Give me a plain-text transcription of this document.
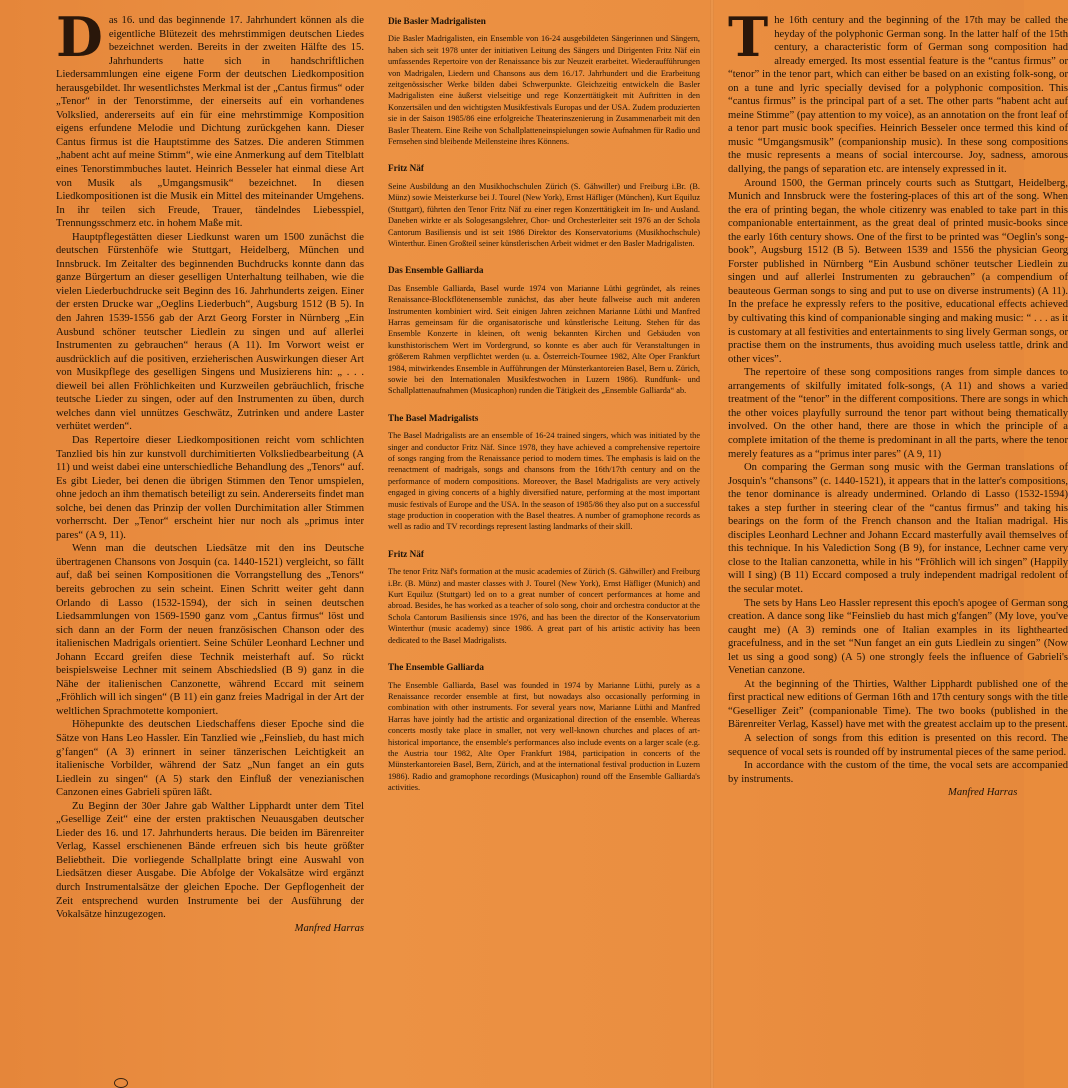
Das 16. und das beginnende 17. Jahrhundert können als die eigentliche Blütezeit des mehrstimmigen deutschen Liedes bezeichnet werden. Bereits in der zweiten Hälfte des 15. Jahrhunderts hatte sich in handschriftlichen Liedersammlungen eine eigene Form der deutschen Liedkomposition herausgebildet. Ihr wesentlichstes Merkmal ist der „Cantus firmus“ oder „Tenor“ in der Tenorstimme, der einerseits auf ein vorhandenes Volkslied, andererseits auf ein für eine mehrstimmige Komposition eigens erfundene Melodie und Dichtung zurückgehen kann. Dieser Cantus firmus ist die Hauptstimme des Satzes. Die anderen Stimmen „habent acht auf meine Stimm“, wie eine Anmerkung auf dem Titelblatt eines Tenorstimmbuches lautet. Heinrich Besseler hat einmal diese Art von Musik als „Umgangsmusik“ bezeichnet. In diesen Liedkompositionen ist die Musik ein Mittel des miteinander Umgehens. In ihr teilen sich Freude, Trauer, tändelndes Liebesspiel, Trennungsschmerz etc. in hohem Maße mit.

Hauptpflegestätten dieser Liedkunst waren um 1500 zunächst die deutschen Fürstenhöfe wie Stuttgart, Heidelberg, München und Innsbruck. Im Zeitalter des beginnenden Buchdrucks konnte dann das ganze Bürgertum an dieser geselligen Unterhaltung teilhaben, wie die vielen Liederbuchdrucke seit Beginn des 16. Jahrhunderts zeigen. Einer der ersten Drucke war „Oeglins Liederbuch“, Augsburg 1512 (B 5). In den Jahren 1539-1556 gab der Arzt Georg Forster in Nürnberg „Ein Ausbund schöner teutscher Liedlein zu singen und auf allerlei Instrumenten zu gebrauchen“ heraus (A 11). Im Vorwort weist er ausdrücklich auf die positiven, erzieherischen Auswirkungen dieser Art von Musikpflege des geselligen Singens und Musizierens hin: „ . . . dieweil bei allen Fröhlichkeiten und Kurzweilen gebräuchlich, frische teutsche Lieder zu singen, oder auf den Instrumenten zu üben, durch welches dann viel unnützes Geschwätz, Zutrinken und andere Laster verhütet werden“.

Das Repertoire dieser Liedkompositionen reicht vom schlichten Tanzlied bis hin zur kunstvoll durchimitierten Volksliedbearbeitung (A 11) und weist dabei eine unterschiedliche Behandlung des „Tenors“ auf. Es gibt Lieder, bei denen die übrigen Stimmen den Tenor umspielen, ohne jedoch an ihm thematisch beteiligt zu sein. Andererseits findet man solche, bei denen das Prinzip der vollen Durchimitation aller Stimmen vorherrscht. Der „Tenor“ erscheint hier nur noch als „primus inter pares“ (A 9, 11).

Wenn man die deutschen Liedsätze mit den ins Deutsche übertragenen Chansons von Josquin (ca. 1440-1521) vergleicht, so fällt auf, daß bei seinen Kompositionen die Vorrangstellung des „Tenors“ bereits gebrochen zu sein scheint. Einen Schritt weiter geht dann Orlando di Lasso (1532-1594), der sich in seinen deutschen Liedsammlungen von 1569-1590 ganz vom „Cantus firmus“ löst und sich dann an der Form der neuen französischen Chanson oder des italienischen Madrigals orientiert. Seine Schüler Leonhard Lechner und Johann Eccard greifen diese Technik meisterhaft auf. So rückt beispielsweise Lechner mit seinem Abschiedslied (B 9) ganz in die Nähe der italienischen Canzonette, während Eccard mit seinem „Fröhlich will ich singen“ (B 11) ein ganz freies Madrigal in der Art der weltlichen Sprachmotette komponiert.

Höhepunkte des deutschen Liedschaffens dieser Epoche sind die Sätze von Hans Leo Hassler. Ein Tanzlied wie „Feinslieb, du hast mich g’fangen“ (A 3) erinnert in seiner tänzerischen Leichtigkeit an italienische Vorbilder, während der Satz „Nun fanget an ein guts Liedlein zu singen“ (A 5) stark den Einfluß der venezianischen Canzonen eines Gabrieli spüren läßt.

Zu Beginn der 30er Jahre gab Walther Lipphardt unter dem Titel „Gesellige Zeit“ eine der ersten praktischen Neuausgaben deutscher Lieder des 16. und 17. Jahrhunderts heraus. Die beiden im Bärenreiter Verlag, Kassel erschienenen Bände erfreuen sich bis heute größter Beliebtheit. Die vorliegende Schallplatte bringt eine Auswahl von Liedsätzen dieser Ausgabe. Die Abfolge der Vokalsätze wird ergänzt durch Instrumentalsätze der gleichen Epoche. Der Gepflogenheit der Zeit entsprechend wurden Instrumente bei der Ausführung der Vokalsätze hinzugezogen.

Manfred Harras
Die Basler Madrigalisten

Die Basler Madrigalisten, ein Ensemble von 16-24 ausgebildeten Sängerinnen und Sängern, haben sich seit 1978 unter der initiativen Leitung des Sängers und Dirigenten Fritz Näf ein umfassendes Repertoire von der Renaissance bis zur Neuzeit erarbeitet. Wiederaufführungen von Madrigalen, Liedern und Chansons aus dem 16./17. Jahrhundert und die Erarbeitung zeitgenössischer Werke bilden dabei Schwerpunkte. Gleichzeitig entwickeln die Basler Madrigalisten eine äußerst vielseitige und rege Konzerttätigkeit mit Auftritten in den Konzertsälen und den wichtigsten Musikfestivals Europas und der USA. Zudem produzierten sie in der Saison 1985/86 eine erfolgreiche Theaterinszenierung in Zusammenarbeit mit den Basler Theatern. Eine Reihe von Schallplatteneinspielungen sowie Aufnahmen für Radio und Fernsehen sind bleibende Meilensteine ihres Könnens.

Fritz Näf

Seine Ausbildung an den Musikhochschulen Zürich (S. Gähwiller) und Freiburg i.Br. (B. Münz) sowie Meisterkurse bei J. Tourel (New York), Ernst Häfliger (München), Kurt Equiluz (Stuttgart), führten den Tenor Fritz Näf zu einer regen Konzerttätigkeit im In- und Ausland. Daneben wirkte er als Sologesangslehrer, Chor- und Orchesterleiter seit 1976 an der Schola Cantorum Basiliensis und ist seit 1986 Direktor des Konservatoriums (Musikhochschule) Winterthur. Einen Großteil seiner künstlerischen Arbeit widmet er den Basler Madrigalisten.

Das Ensemble Galliarda

Das Ensemble Galliarda, Basel wurde 1974 von Marianne Lüthi gegründet, als reines Renaissance-Blockflötenensemble zunächst, das aber heute fallweise auch mit anderen Instrumenten kombiniert wird. Seit einigen Jahren zeichnen Marianne Lüthi und Manfred Harras gemeinsam für die organisatorische und künstlerische Leitung. Stehen für das Ensemble Konzerte in kleinen, oft wenig bekannten Kirchen und Gebäuden von kunsthistorischem Wert im Vordergrund, so konnte es aber auch für Veranstaltungen in größerem Rahmen verpflichtet werden (u. a. Österreich-Tournee 1982, Alte Oper Frankfurt 1984, mitwirkendes Ensemble in Aufführungen der Münsterkantoreien Basel, Bern u. Zürich, sowie bei den Internationalen Musikfestwochen in Luzern 1986). Rundfunk- und Schallplattenaufnahmen (Musicaphon) runden die Tätigkeit des „Ensemble Galliarda“ ab.

The Basel Madrigalists

The Basel Madrigalists are an ensemble of 16-24 trained singers, which was initiated by the singer and conductor Fritz Näf. Since 1978, they have achieved a comprehensive repertoire of songs ranging from the Renaissance period to modern times. The emphasis is laid on the reenactment of madrigals, songs and chansons from the 16th/17th century and on the performance of modern compositions. Moreover, the Basel Madrigalists are very actively engaged in giving concerts of a highly diversified nature, performing at the most important music festivals of Europe and the USA. In the season of 1985/86 they also put on a successful stage production in cooperation with the Basel theatres. A number of gramophone records as well as radio and TV recordings represent lasting landmarks of their skill.

Fritz Näf

The tenor Fritz Näf's formation at the music academies of Zürich (S. Gähwiller) and Freiburg i.Br. (B. Münz) and master classes with J. Tourel (New York), Ernst Häfliger (Munich) and Kurt Equiluz (Stuttgart) led on to a great number of concert performances at home and abroad. Besides, he has worked as a teacher of solo song, choir and orchestra conductor at the Schola Cantorum Basiliensis since 1976, and has been the director of the Konservatorium Winterthur (music academy) since 1986. A great part of his artistic activity has been dedicated to the Basel Madrigalists.

The Ensemble Galliarda

The Ensemble Galliarda, Basel was founded in 1974 by Marianne Lüthi, purely as a Renaissance recorder ensemble at first, but nowadays also occasionally performing in combination with other instruments. For several years now, Marianne Lüthi and Manfred Harras have jointly had the artistic and organizational direction of the ensemble. Whereas concerts mostly take place in smaller, not very well-known churches and places of art-historical importance, the ensemble's performances also include events on a larger scale (e.g. the Austria tour 1982, Alte Oper Frankfurt 1984, participation in concerts of the Münsterkantoreien Basel, Bern, Zürich, and at the international festival production in Luzern 1986). Radio and gramophone recordings (Musicaphon) round off the Ensemble Galliarda's activities.

The 16th century and the beginning of the 17th may be called the heyday of the polyphonic German song. In the latter half of the 15th century, a characteristic form of German song composition had already emerged. Its most essential feature is the “cantus firmus” or “tenor” in the tenor part, which can either be based on an existing folk-song, or on a tune and lyric specially devised for a polyphonic composition. This “cantus firmus” is the principal part of a set. The other parts “habent acht auf meine Stimme” (pay attention to my voice), as an annotation on the front leaf of a tenor part music book specifies. Heinrich Besseler once termed this kind of music “Umgangsmusik” (companionship music). In these song compositions the music represents a means of social intercourse. Joy, sadness, amorous dallying, the pangs of separation etc. are intensely expressed in it.

Around 1500, the German princely courts such as Stuttgart, Heidelberg, Munich and Innsbruck were the fostering-places of this art of the song. When the era of printing began, the whole citizenry was enabled to take part in this companionable entertainment, as the great deal of printed music-books since the early 16th century shows. One of the first to be printed was “Oeglin's song-book”, Augsburg 1512 (B 5). Between 1539 and 1556 the physician Georg Forster published in Nürnberg “Ein Ausbund schöner teutscher Liedlein zu singen und auf allerlei Instrumenten zu gebrauchen” (a compendium of beauteous German songs to sing and put to use on diverse instruments) (A 11). In the preface he expressly refers to the positive, educational effects achieved by cultivating this kind of companionable singing and making music: “ . . . as it is customary at all festivities and entertainments to sing lively German songs, or practise them on the instruments, thus avoiding much useless tattle, drink and other vices”.

The repertoire of these song compositions ranges from simple dances to arrangements of skilfully imitated folk-songs, (A 11) and shows a varied treatment of the “tenor” in the different compositions. There are songs in which the other voices playfully surround the tenor part without being thematically involved. On the other hand, there are those in which the principle of a complete imitation of the theme is predominant in all the parts, where the tenor merely features as a “primus inter pares” (A 9, 11)

On comparing the German song music with the German translations of Josquin's “chansons” (c. 1440-1521), it appears that in the latter's compositions, the tenor dominance is already undermined. Orlando di Lasso (1532-1594) takes a step further in steering clear of the “cantus firmus” and taking his bearings on the form of the French chanson and the Italian madrigal. His disciples Leonhard Lechner and Johann Eccard masterfully avail themselves of this technique. In his Valediction Song (B 9), for instance, Lechner came very close to the Italian canzonetta, while in his “Fröhlich will ich singen” (Happily will I sing) (B 11) Eccard composed a truly independent madrigal redolent of the secular motet.

The sets by Hans Leo Hassler represent this epoch's apogee of German song creation. A dance song like “Feinslieb du hast mich g'fangen” (My love, you've caught me) (A 3) reminds one of Italian examples in its lighthearted gracefulness, and in the set “Nun fanget an ein guts Liedlein zu singen” (Now let us sing a good song) (A 5) one strongly feels the influence of Gabrieli's Venetian canzone.

At the beginning of the Thirties, Walther Lipphardt published one of the first practical new editions of German 16th and 17th century songs with the title “Geselliger Zeit” (companionable Time). The two books (published in the Bärenreiter Verlag, Kassel) have met with the greatest acclaim up to the present.

A selection of songs from this edition is presented on this record. The sequence of vocal sets is rounded off by instrumental pieces of the same period.

In accordance with the custom of the time, the vocal sets are accompanied by instruments.

Manfred Harras
